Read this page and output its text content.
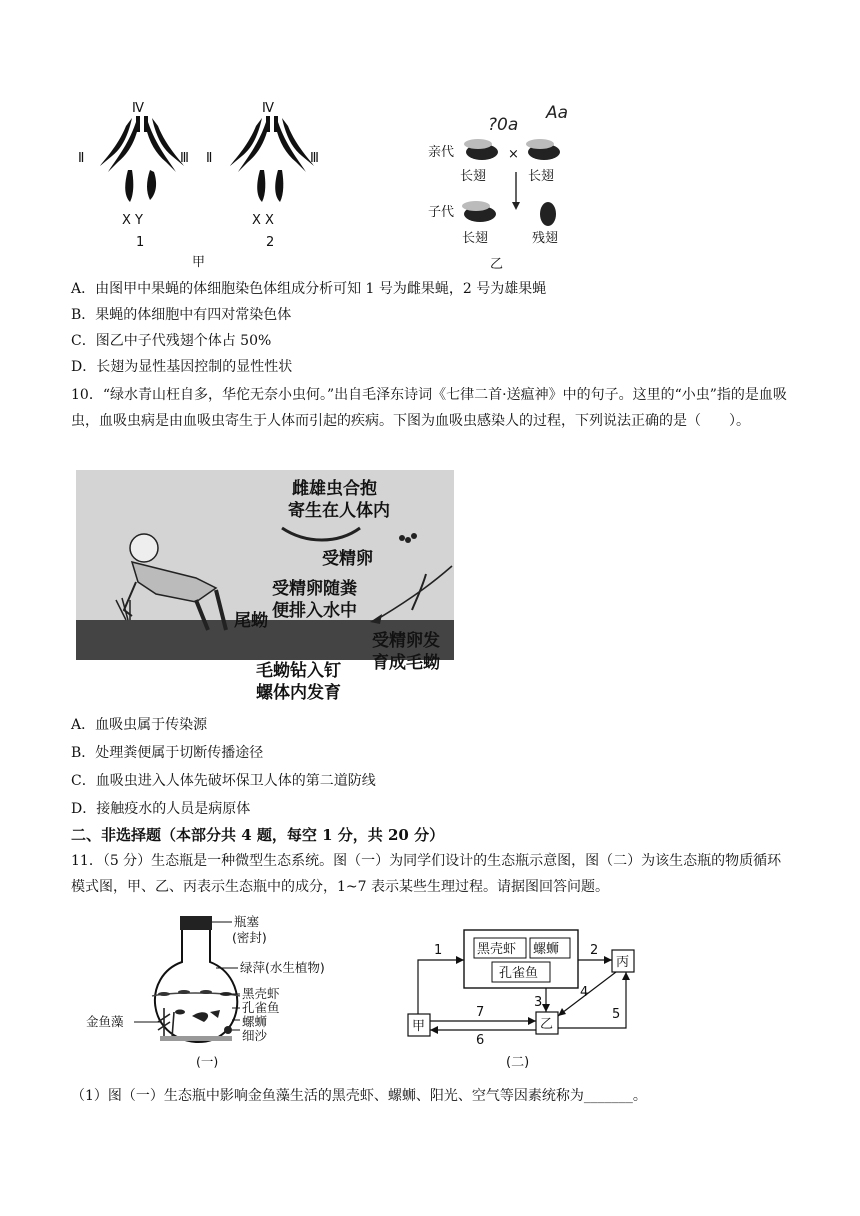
Ⅳ
Ⅱ	Ⅲ
X Y
1
Ⅳ
Ⅱ	Ⅲ
X X
2
甲
?0a
Aa
亲代	×
长翅	长翅
子代
长翅	残翅
乙
A．由图甲中果蝇的体细胞染色体组成分析可知 1 号为雌果蝇，2 号为雄果蝇
B．果蝇的体细胞中有四对常染色体
C．图乙中子代残翅个体占 50%
D．长翅为显性基因控制的显性性状
10．“绿水青山枉自多，华佗无奈小虫何。”出自毛泽东诗词《七律二首·送瘟神》中的句子。这里的“小虫”指的是血吸虫，血吸虫病是由血吸虫寄生于人体而引起的疾病。下图为血吸虫感染人的过程，下列说法正确的是（　　）。
雌雄虫合抱
寄生在人体内
受精卵
受精卵随粪
便排入水中
尾蚴
受精卵发
育成毛蚴
毛蚴钻入钉
螺体内发育
A．血吸虫属于传染源
B．处理粪便属于切断传播途径
C．血吸虫进入人体先破坏保卫人体的第二道防线
D．接触疫水的人员是病原体
二、非选择题（本部分共 4 题，每空 1 分，共 20 分）
11．（5 分）生态瓶是一种微型生态系统。图（一）为同学们设计的生态瓶示意图，图（二）为该生态瓶的物质循环模式图，甲、乙、丙表示生态瓶中的成分，1~7 表示某些生理过程。请据图回答问题。
瓶塞
(密封)
绿萍(水生植物)
黑壳虾
孔雀鱼
螺蛳
细沙
金鱼藻
(一)
黑壳虾 螺蛳
孔雀鱼
甲	乙
丙
1	2
3
4
5
6
7
(二)
（1）图（一）生态瓶中影响金鱼藻生活的黑壳虾、螺蛳、阳光、空气等因素统称为_______。
